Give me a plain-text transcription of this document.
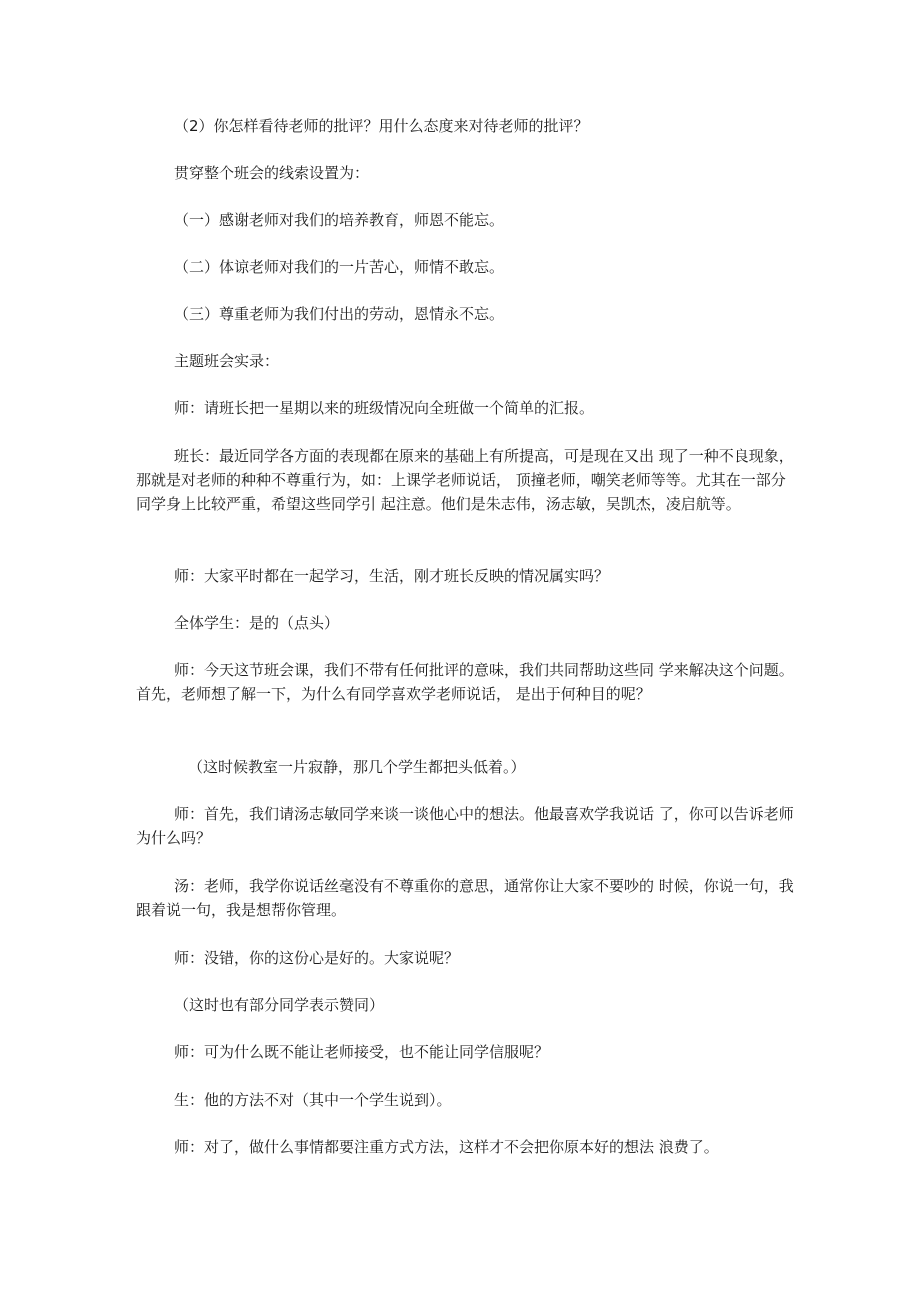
（2）你怎样看待老师的批评？用什么态度来对待老师的批评？

贯穿整个班会的线索设置为：

（一）感谢老师对我们的培养教育，师恩不能忘。

（二）体谅老师对我们的一片苦心，师情不敢忘。

（三）尊重老师为我们付出的劳动，恩情永不忘。

主题班会实录：

师：请班长把一星期以来的班级情况向全班做一个简单的汇报。

班长：最近同学各方面的表现都在原来的基础上有所提高，可是现在又出 现了一种不良现象，那就是对老师的种种不尊重行为，如：上课学老师说话， 顶撞老师，嘲笑老师等等。尤其在一部分同学身上比较严重，希望这些同学引 起注意。他们是朱志伟，汤志敏，吴凯杰，凌启航等。

师：大家平时都在一起学习，生活，刚才班长反映的情况属实吗？

全体学生：是的（点头）

师：今天这节班会课，我们不带有任何批评的意味，我们共同帮助这些同 学来解决这个问题。首先，老师想了解一下，为什么有同学喜欢学老师说话， 是出于何种目的呢？

（这时候教室一片寂静，那几个学生都把头低着。）

师：首先，我们请汤志敏同学来谈一谈他心中的想法。他最喜欢学我说话 了，你可以告诉老师为什么吗？

汤：老师，我学你说话丝毫没有不尊重你的意思，通常你让大家不要吵的 时候，你说一句，我跟着说一句，我是想帮你管理。

师：没错，你的这份心是好的。大家说呢？

（这时也有部分同学表示赞同）

师：可为什么既不能让老师接受，也不能让同学信服呢？

生：他的方法不对（其中一个学生说到）。

师：对了，做什么事情都要注重方式方法，这样才不会把你原本好的想法 浪费了。
